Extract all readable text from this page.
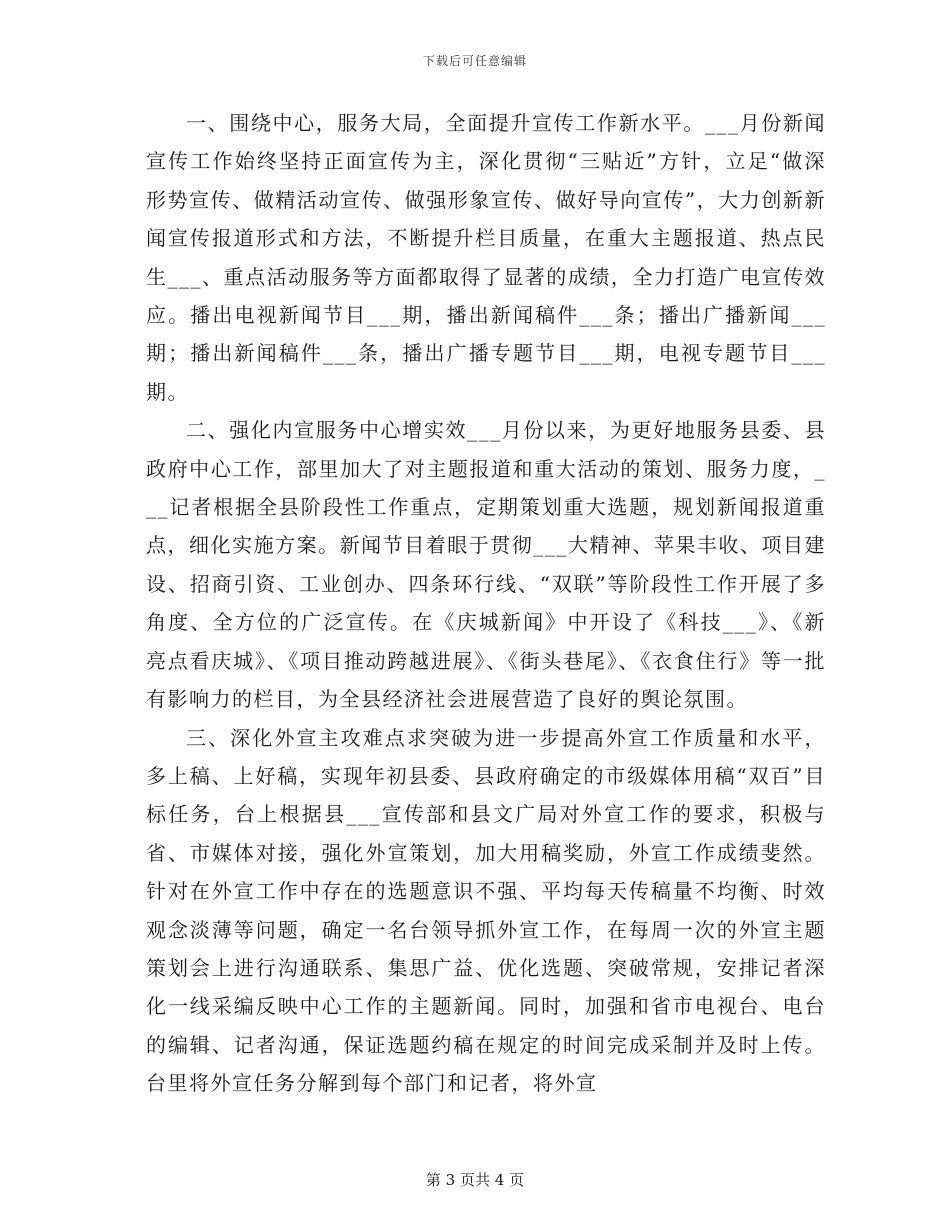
下载后可任意编辑

一、围绕中心，服务大局，全面提升宣传工作新水平。___月份新闻宣传工作始终坚持正面宣传为主，深化贯彻“三贴近”方针，立足“做深形势宣传、做精活动宣传、做强形象宣传、做好导向宣传”，大力创新新闻宣传报道形式和方法，不断提升栏目质量，在重大主题报道、热点民生___、重点活动服务等方面都取得了显著的成绩，全力打造广电宣传效应。播出电视新闻节目___期，播出新闻稿件___条；播出广播新闻___期；播出新闻稿件___条，播出广播专题节目___期，电视专题节目___期。

二、强化内宣服务中心增实效___月份以来，为更好地服务县委、县政府中心工作，部里加大了对主题报道和重大活动的策划、服务力度，___记者根据全县阶段性工作重点，定期策划重大选题，规划新闻报道重点，细化实施方案。新闻节目着眼于贯彻___大精神、苹果丰收、项目建设、招商引资、工业创办、四条环行线、“双联”等阶段性工作开展了多角度、全方位的广泛宣传。在《庆城新闻》中开设了《科技___》、《新亮点看庆城》、《项目推动跨越进展》、《街头巷尾》、《衣食住行》等一批有影响力的栏目，为全县经济社会进展营造了良好的舆论氛围。

三、深化外宣主攻难点求突破为进一步提高外宣工作质量和水平，多上稿、上好稿，实现年初县委、县政府确定的市级媒体用稿“双百”目标任务，台上根据县___宣传部和县文广局对外宣工作的要求，积极与省、市媒体对接，强化外宣策划，加大用稿奖励，外宣工作成绩斐然。针对在外宣工作中存在的选题意识不强、平均每天传稿量不均衡、时效观念淡薄等问题，确定一名台领导抓外宣工作，在每周一次的外宣主题策划会上进行沟通联系、集思广益、优化选题、突破常规，安排记者深化一线采编反映中心工作的主题新闻。同时，加强和省市电视台、电台的编辑、记者沟通，保证选题约稿在规定的时间完成采制并及时上传。台里将外宣任务分解到每个部门和记者，将外宣

第 3 页共 4 页
